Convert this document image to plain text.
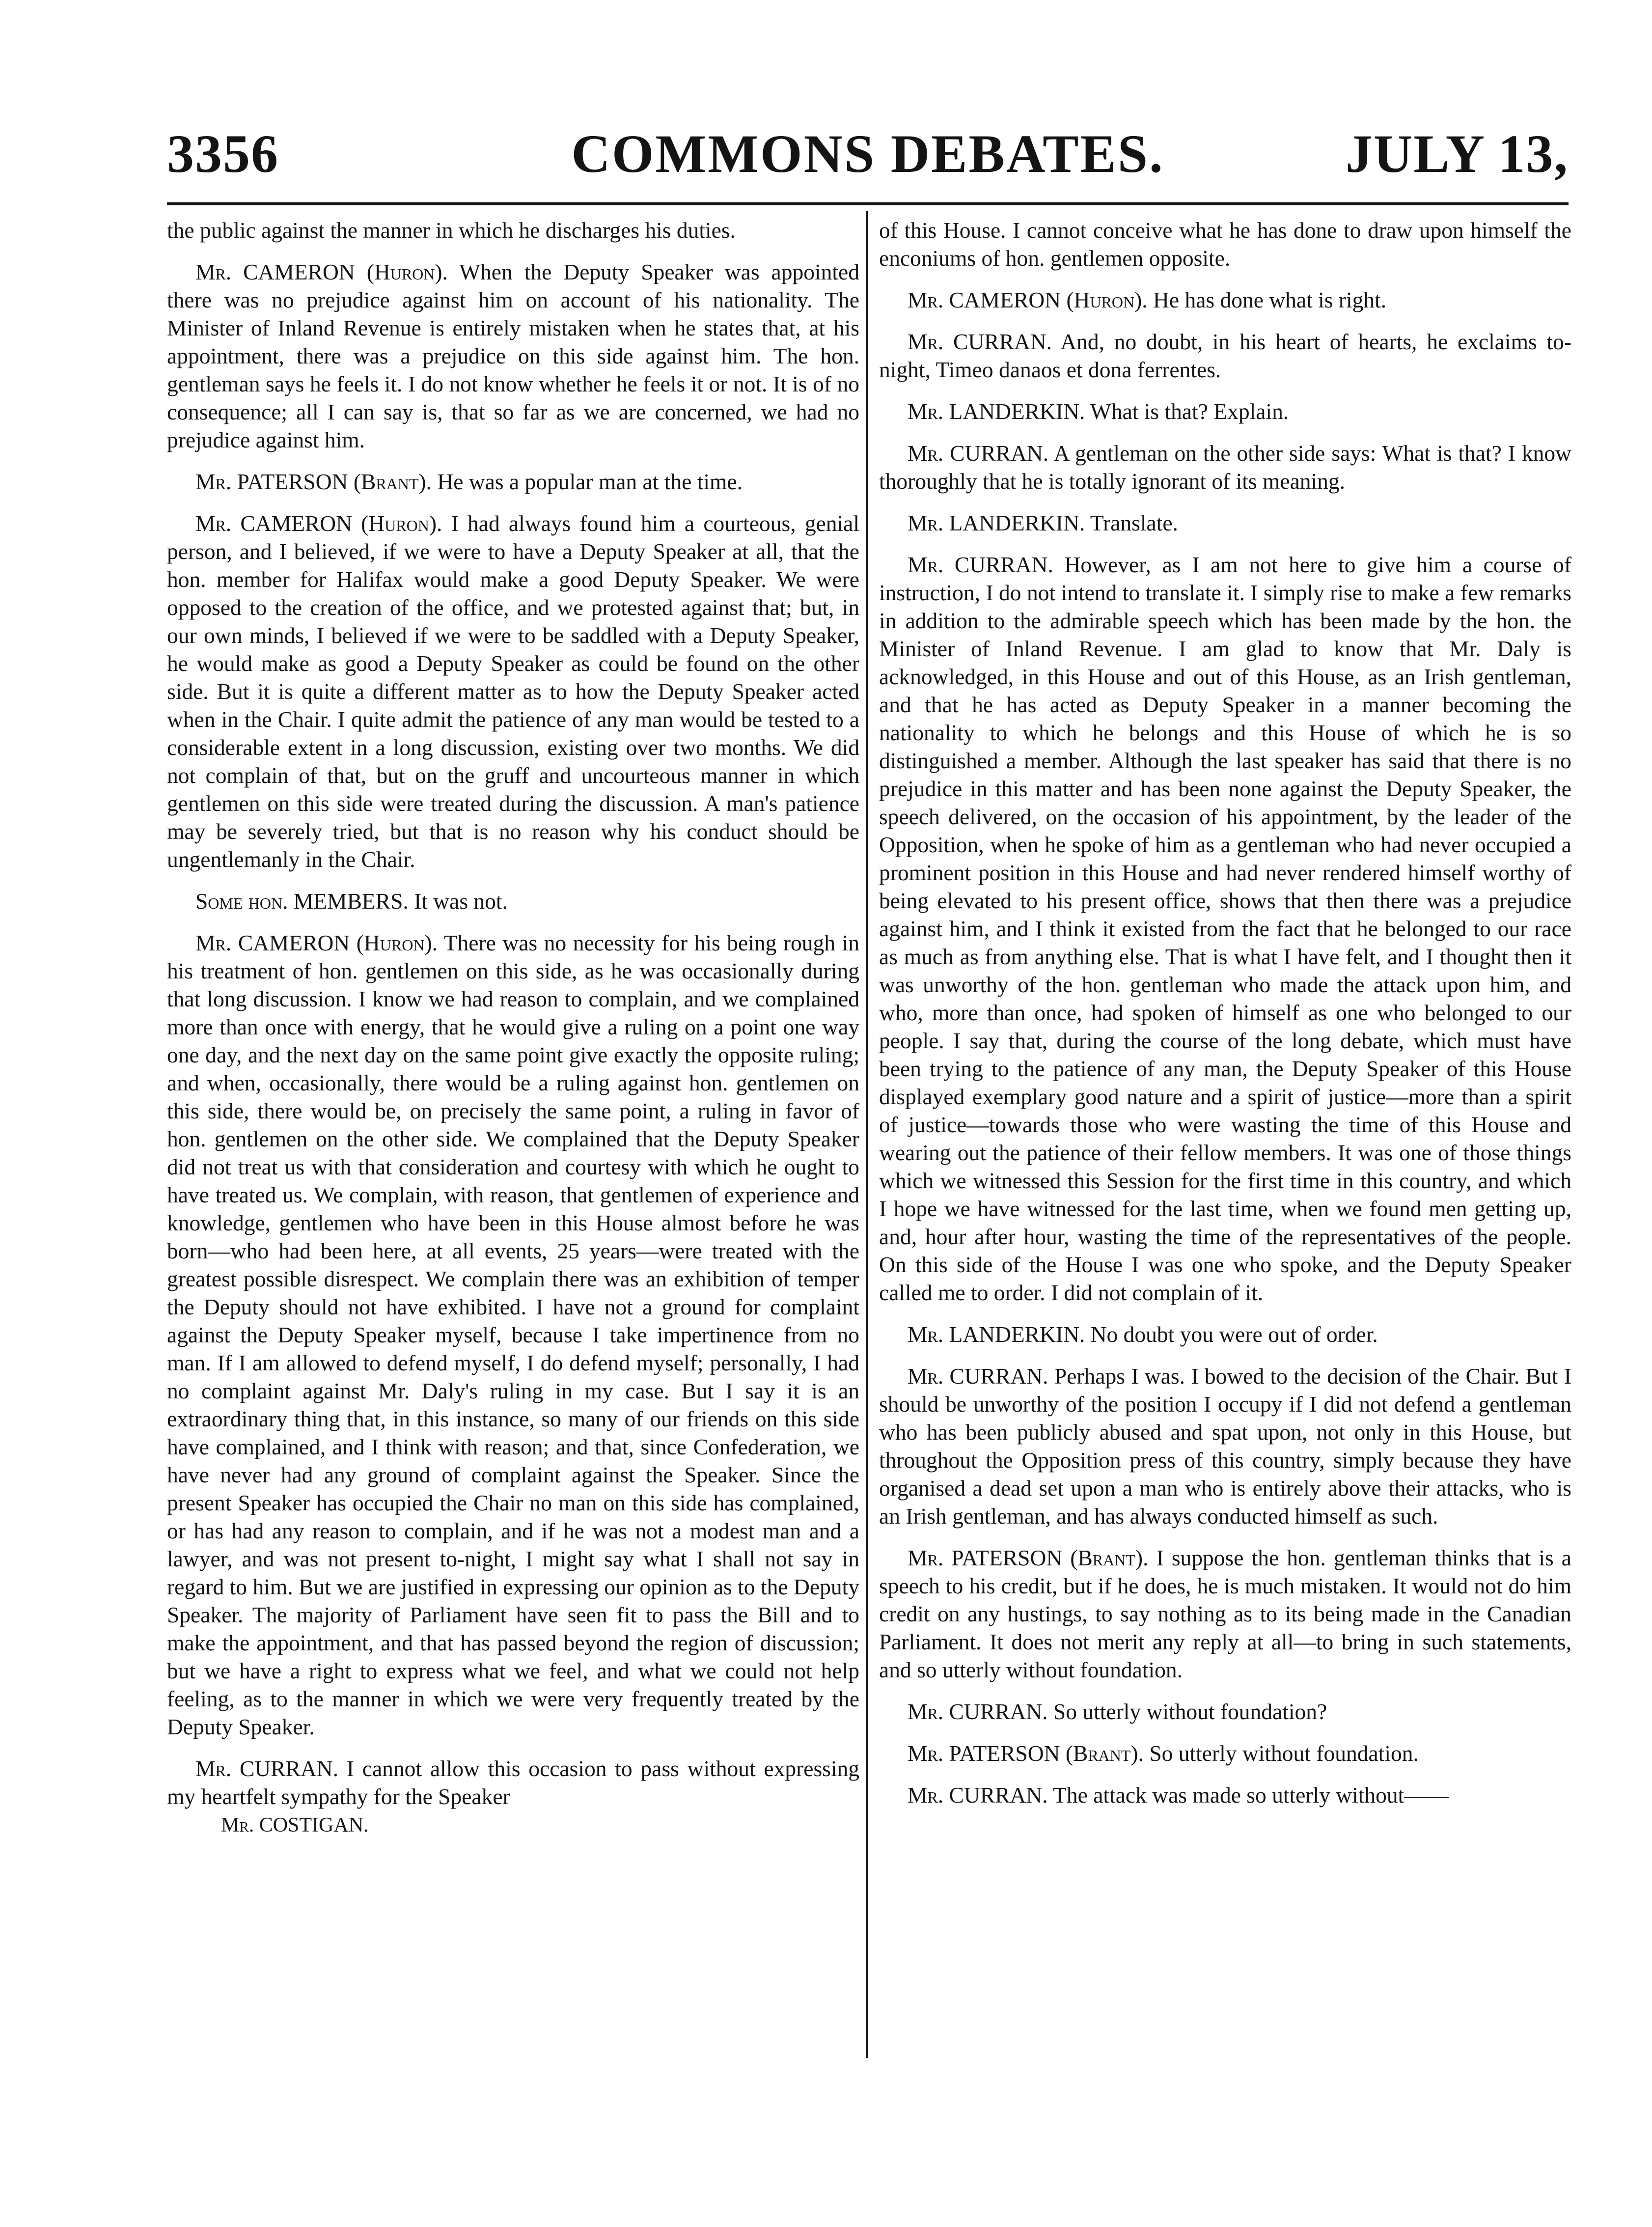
3356	COMMONS DEBATES.	JULY 13,

the public against the manner in which he discharges his duties.

Mr. CAMERON (Huron). When the Deputy Speaker was appointed there was no prejudice against him on account of his nationality. The Minister of Inland Revenue is entirely mistaken when he states that, at his appointment, there was a prejudice on this side against him. The hon. gentleman says he feels it. I do not know whether he feels it or not. It is of no consequence; all I can say is, that so far as we are concerned, we had no prejudice against him.

Mr. PATERSON (Brant). He was a popular man at the time.

Mr. CAMERON (Huron). I had always found him a courteous, genial person, and I believed, if we were to have a Deputy Speaker at all, that the hon. member for Halifax would make a good Deputy Speaker. We were opposed to the creation of the office, and we protested against that; but, in our own minds, I believed if we were to be saddled with a Deputy Speaker, he would make as good a Deputy Speaker as could be found on the other side. But it is quite a different matter as to how the Deputy Speaker acted when in the Chair. I quite admit the patience of any man would be tested to a considerable extent in a long discussion, existing over two months. We did not complain of that, but on the gruff and uncourteous manner in which gentlemen on this side were treated during the discussion. A man's patience may be severely tried, but that is no reason why his conduct should be ungentlemanly in the Chair.

Some hon. MEMBERS. It was not.

Mr. CAMERON (Huron). There was no necessity for his being rough in his treatment of hon. gentlemen on this side, as he was occasionally during that long discussion. I know we had reason to complain, and we complained more than once with energy, that he would give a ruling on a point one way one day, and the next day on the same point give exactly the opposite ruling; and when, occasionally, there would be a ruling against hon. gentlemen on this side, there would be, on precisely the same point, a ruling in favor of hon. gentlemen on the other side. We complained that the Deputy Speaker did not treat us with that consideration and courtesy with which he ought to have treated us. We complain, with reason, that gentlemen of experience and knowledge, gentlemen who have been in this House almost before he was born—who had been here, at all events, 25 years—were treated with the greatest possible disrespect. We complain there was an exhibition of temper the Deputy should not have exhibited. I have not a ground for complaint against the Deputy Speaker myself, because I take impertinence from no man. If I am allowed to defend myself, I do defend myself; personally, I had no complaint against Mr. Daly's ruling in my case. But I say it is an extraordinary thing that, in this instance, so many of our friends on this side have complained, and I think with reason; and that, since Confederation, we have never had any ground of complaint against the Speaker. Since the present Speaker has occupied the Chair no man on this side has complained, or has had any reason to complain, and if he was not a modest man and a lawyer, and was not present to-night, I might say what I shall not say in regard to him. But we are justified in expressing our opinion as to the Deputy Speaker. The majority of Parliament have seen fit to pass the Bill and to make the appointment, and that has passed beyond the region of discussion; but we have a right to express what we feel, and what we could not help feeling, as to the manner in which we were very frequently treated by the Deputy Speaker.

Mr. CURRAN. I cannot allow this occasion to pass without expressing my heartfelt sympathy for the Speaker

Mr. COSTIGAN.

of this House. I cannot conceive what he has done to draw upon himself the enconiums of hon. gentlemen opposite.

Mr. CAMERON (Huron). He has done what is right.

Mr. CURRAN. And, no doubt, in his heart of hearts, he exclaims to-night, Timeo danaos et dona ferrentes.

Mr. LANDERKIN. What is that? Explain.

Mr. CURRAN. A gentleman on the other side says: What is that? I know thoroughly that he is totally ignorant of its meaning.

Mr. LANDERKIN. Translate.

Mr. CURRAN. However, as I am not here to give him a course of instruction, I do not intend to translate it. I simply rise to make a few remarks in addition to the admirable speech which has been made by the hon. the Minister of Inland Revenue. I am glad to know that Mr. Daly is acknowledged, in this House and out of this House, as an Irish gentleman, and that he has acted as Deputy Speaker in a manner becoming the nationality to which he belongs and this House of which he is so distinguished a member. Although the last speaker has said that there is no prejudice in this matter and has been none against the Deputy Speaker, the speech delivered, on the occasion of his appointment, by the leader of the Opposition, when he spoke of him as a gentleman who had never occupied a prominent position in this House and had never rendered himself worthy of being elevated to his present office, shows that then there was a prejudice against him, and I think it existed from the fact that he belonged to our race as much as from anything else. That is what I have felt, and I thought then it was unworthy of the hon. gentleman who made the attack upon him, and who, more than once, had spoken of himself as one who belonged to our people. I say that, during the course of the long debate, which must have been trying to the patience of any man, the Deputy Speaker of this House displayed exemplary good nature and a spirit of justice—more than a spirit of justice—towards those who were wasting the time of this House and wearing out the patience of their fellow members. It was one of those things which we witnessed this Session for the first time in this country, and which I hope we have witnessed for the last time, when we found men getting up, and, hour after hour, wasting the time of the representatives of the people. On this side of the House I was one who spoke, and the Deputy Speaker called me to order. I did not complain of it.

Mr. LANDERKIN. No doubt you were out of order.

Mr. CURRAN. Perhaps I was. I bowed to the decision of the Chair. But I should be unworthy of the position I occupy if I did not defend a gentleman who has been publicly abused and spat upon, not only in this House, but throughout the Opposition press of this country, simply because they have organised a dead set upon a man who is entirely above their attacks, who is an Irish gentleman, and has always conducted himself as such.

Mr. PATERSON (Brant). I suppose the hon. gentleman thinks that is a speech to his credit, but if he does, he is much mistaken. It would not do him credit on any hustings, to say nothing as to its being made in the Canadian Parliament. It does not merit any reply at all—to bring in such statements, and so utterly without foundation.

Mr. CURRAN. So utterly without foundation?

Mr. PATERSON (Brant). So utterly without foundation.

Mr. CURRAN. The attack was made so utterly without——
